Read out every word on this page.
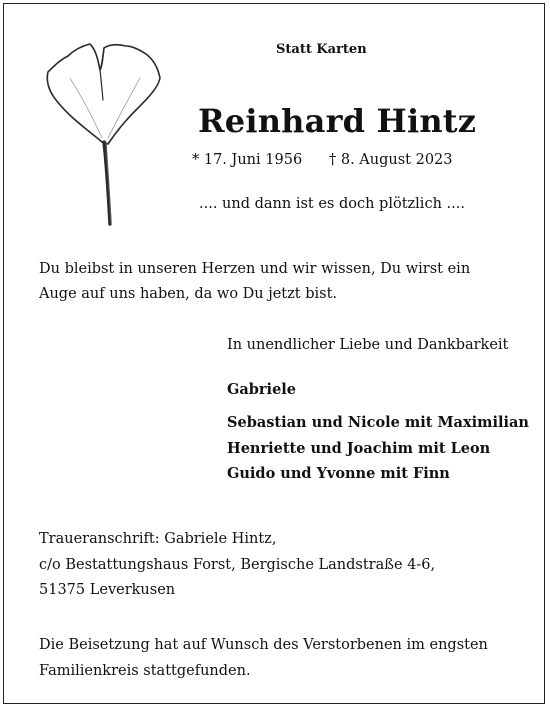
Statt Karten
Reinhard Hintz
* 17. Juni 1956 † 8. August 2023
.... und dann ist es doch plötzlich ....
Du bleibst in unseren Herzen und wir wissen, Du wirst ein Auge auf uns haben, da wo Du jetzt bist.
In unendlicher Liebe und Dankbarkeit
Gabriele
Sebastian und Nicole mit Maximilian
Henriette und Joachim mit Leon
Guido und Yvonne mit Finn
Traueranschrift: Gabriele Hintz,
c/o Bestattungshaus Forst, Bergische Landstraße 4-6,
51375 Leverkusen
Die Beisetzung hat auf Wunsch des Verstorbenen im engsten
Familienkreis stattgefunden.
